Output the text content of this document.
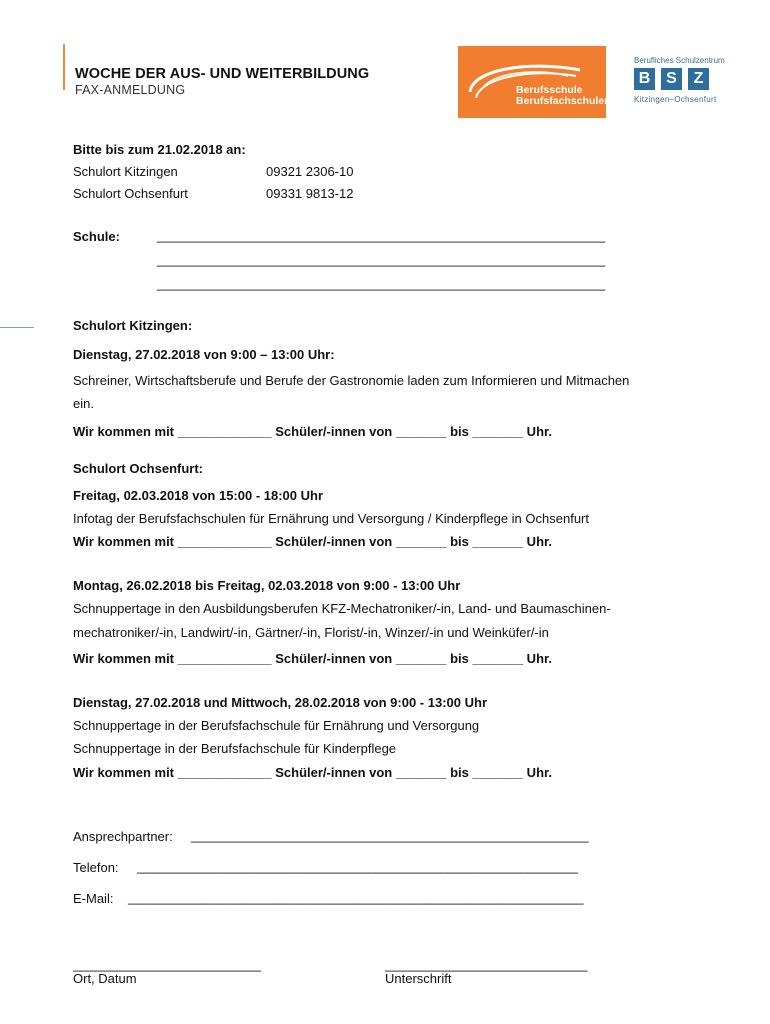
WOCHE DER AUS- UND WEITERBILDUNG
FAX-ANMELDUNG	Berufsschule
Berufsfachschulen
Berufliches Schulzentrum
B S	Z
Kitzingen–Ochsenfurt
Bitte bis zum 21.02.2018 an:
Schulort Kitzingen	09321 2306-10
Schulort Ochsenfurt	09331 9813-12
Schule:	______________________________________________________________
______________________________________________________________
______________________________________________________________
Schulort Kitzingen:
Dienstag, 27.02.2018 von 9:00 – 13:00 Uhr:
Schreiner, Wirtschaftsberufe und Berufe der Gastronomie laden zum Informieren und Mitmachen
ein.
Wir kommen mit _____________ Schüler/-innen von _______ bis _______ Uhr.
Schulort Ochsenfurt:
Freitag, 02.03.2018 von 15:00 - 18:00 Uhr
Infotag der Berufsfachschulen für Ernährung und Versorgung / Kinderpflege in Ochsenfurt
Wir kommen mit _____________ Schüler/-innen von _______ bis _______ Uhr.
Montag, 26.02.2018 bis Freitag, 02.03.2018 von 9:00 - 13:00 Uhr
Schnuppertage in den Ausbildungsberufen KFZ-Mechatroniker/-in, Land- und Baumaschinen-
mechatroniker/-in, Landwirt/-in, Gärtner/-in, Florist/-in, Winzer/-in und Weinküfer/-in
Wir kommen mit _____________ Schüler/-innen von _______ bis _______ Uhr.
Dienstag, 27.02.2018 und Mittwoch, 28.02.2018 von 9:00 - 13:00 Uhr
Schnuppertage in der Berufsfachschule für Ernährung und Versorgung
Schnuppertage in der Berufsfachschule für Kinderpflege
Wir kommen mit _____________ Schüler/-innen von _______ bis _______ Uhr.
Ansprechpartner: _______________________________________________________
Telefon: _____________________________________________________________
E-Mail: _______________________________________________________________
__________________________
Ort, Datum
____________________________
Unterschrift
